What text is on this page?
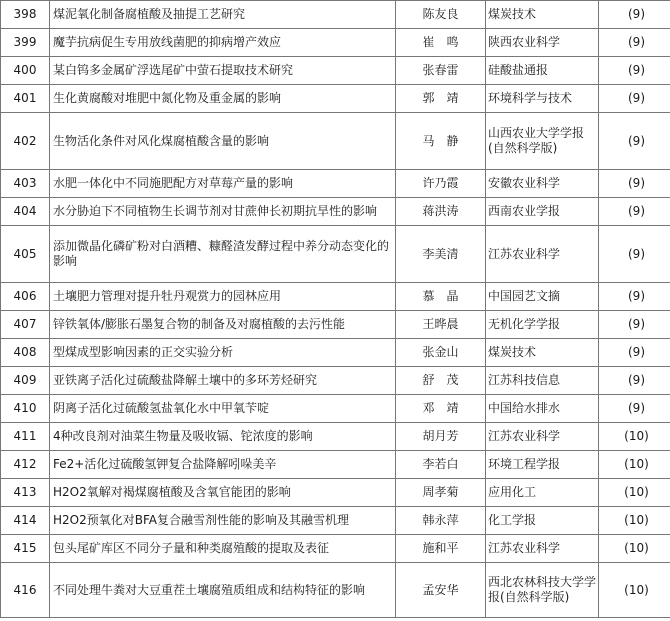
398	煤泥氧化制备腐植酸及抽提工艺研究	陈友良	煤炭技术	(9)
399	魔芋抗病促生专用放线菌肥的抑病增产效应	崔　鸣	陕西农业科学	(9)
400	某白钨多金属矿浮选尾矿中萤石提取技术研究	张春雷	硅酸盐通报	(9)
401	生化黄腐酸对堆肥中氮化物及重金属的影响	郭　靖	环境科学与技术	(9)
402	生物活化条件对风化煤腐植酸含量的影响	马　静	山西农业大学学报(自然科学版)	(9)
403	水肥一体化中不同施肥配方对草莓产量的影响	许乃霞	安徽农业科学	(9)
404	水分胁迫下不同植物生长调节剂对甘蔗伸长初期抗旱性的影响	蒋洪涛	西南农业学报	(9)
405	添加微晶化磷矿粉对白酒糟、糠醛渣发酵过程中养分动态变化的影响	李美清	江苏农业科学	(9)
406	土壤肥力管理对提升牡丹观赏力的园林应用	慕　晶	中国园艺文摘	(9)
407	锌铁氧体/膨胀石墨复合物的制备及对腐植酸的去污性能	王晔晨	无机化学学报	(9)
408	型煤成型影响因素的正交实验分析	张金山	煤炭技术	(9)
409	亚铁离子活化过硫酸盐降解土壤中的多环芳烃研究	舒　茂	江苏科技信息	(9)
410	阴离子活化过硫酸氢盐氧化水中甲氧苄啶	邓　靖	中国给水排水	(9)
411	4种改良剂对油菜生物量及吸收镉、铊浓度的影响	胡月芳	江苏农业科学	(10)
412	Fe2+活化过硫酸氢钾复合盐降解吲哚美辛	李若白	环境工程学报	(10)
413	H2O2氧解对褐煤腐植酸及含氧官能团的影响	周孝菊	应用化工	(10)
414	H2O2预氧化对BFA复合融雪剂性能的影响及其融雪机理	韩永萍	化工学报	(10)
415	包头尾矿库区不同分子量和种类腐殖酸的提取及表征	施和平	江苏农业科学	(10)
416	不同处理牛粪对大豆重茬土壤腐殖质组成和结构特征的影响	孟安华	西北农林科技大学学报(自然科学版)	(10)
